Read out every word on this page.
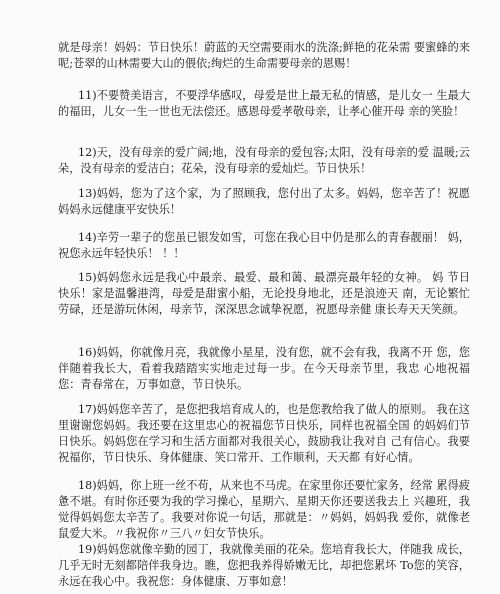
就是母亲！妈妈：节日快乐！蔚蓝的天空需要雨水的洗涤;鲜艳的花朵需 要蜜蜂的来呢;苍翠的山林需要大山的偎依;绚烂的生命需要母亲的恩赐！
11)不要赞美语言，不要浮华感叹，母爱是世上最无私的情感，是儿女一 生最大的福田，儿女一生一世也无法偿还。感恩母爱孝敬母亲，让孝心催开母 亲的笑脸！
12)天，没有母亲的爱广阔;地，没有母亲的爱包容;太阳，没有母亲的爱 温暖;云朵，没有母亲的爱洁白；花朵，没有母亲的爱灿烂。节日快乐！
13)妈妈，您为了这个家，为了照顾我，您付出了太多。妈妈，您辛苦了！祝愿妈妈永远健康平安快乐！
14)辛劳一辈子的您虽已银发如雪，可您在我心目中仍是那么的青春靓丽！ 妈，祝您永远年轻快乐！ ！！
15)妈妈您永远是我心中最亲、最爱、最和蔼、最漂亮最年轻的女神。 妈 节日快乐！家是温馨港湾，母爱是甜蜜小船，无论投身地北，还是浪迹天 南，无论繁忙劳碌，还是游玩休闲，母亲节，深深思念诚挚祝愿，祝愿母亲健 康长寿天天笑颜。
16)妈妈，你就像月亮，我就像小星星，没有您，就不会有我，我离不开 您，您伴随着我长大，看着我踏踏实实地走过每一步。在今天母亲节里，我忠 心地祝福您：青春常在，万事如意，节日快乐。
17)妈妈您辛苦了，是您把我培育成人的，也是您教给我了做人的原则。 我在这里谢谢您妈妈。我还要在这里忠心的祝福您节日快乐，同样也祝福全国 的妈妈们节日快乐。妈妈您在学习和生活方面都对我很关心，鼓励我让我对自 己有信心。我要祝福你，节日快乐、身体健康、笑口常开、工作顺利，天天都 有好心情。
18)妈妈，你上班一丝不苟，从来也不马虎。在家里你还要忙家务，经常 累得疲惫不堪。有时你还要为我的学习操心，星期六、星期天你还要送我去上 兴趣班，我觉得妈妈您太辛苦了。我要对你说一句话，那就是：〃妈妈，妈妈我 爱你，就像老鼠爱大米。〃我祝你〃三八〃妇女节快乐。
19)妈妈您就像辛勤的园丁，我就像美丽的花朵。您培育我长大，伴随我 成长，几乎无时无刻都陪伴我身边。瞧，您把我养得娇嫩无比，却把您累坏 To您的笑容，永远在我心中。我祝您：身体健康、万事如意！
